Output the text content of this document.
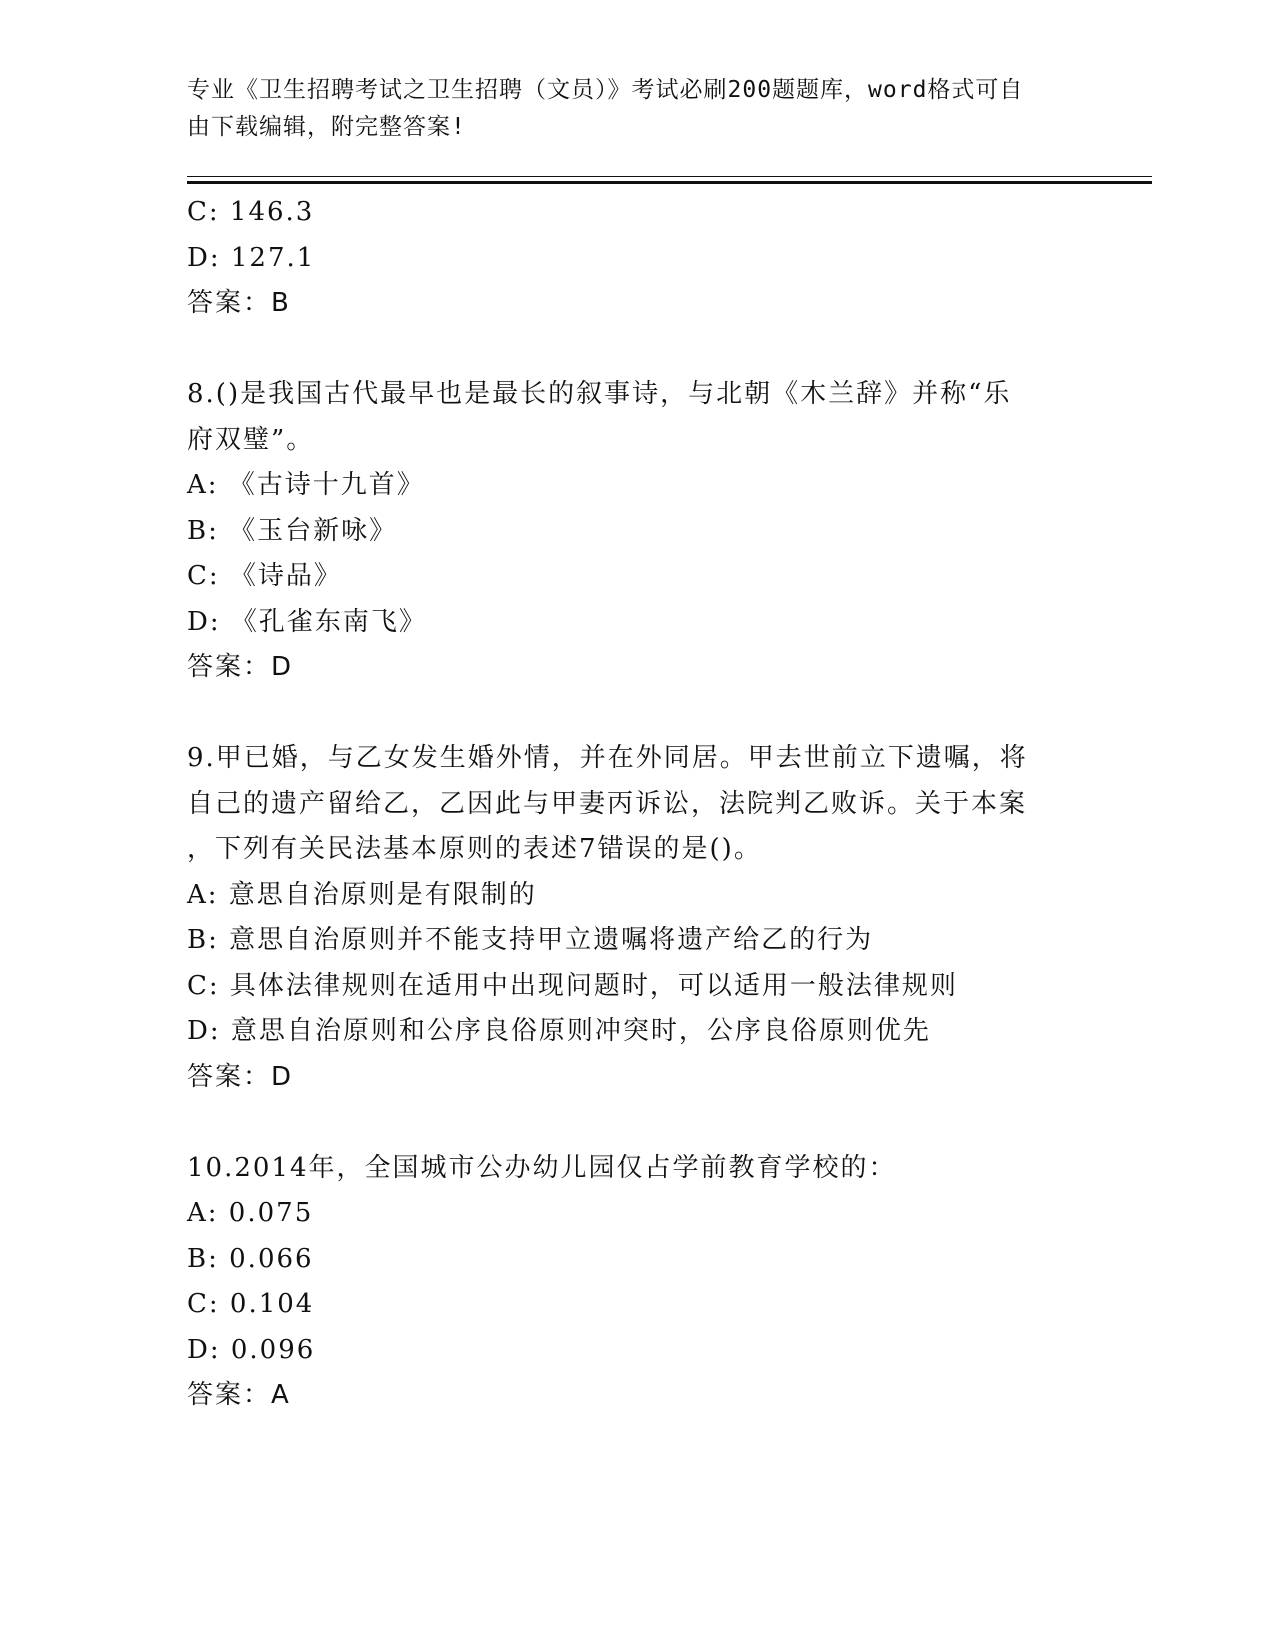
专业《卫生招聘考试之卫生招聘（文员）》考试必刷200题题库，word格式可自
由下载编辑，附完整答案!
C: 146.3
D: 127.1
答案：B
8.()是我国古代最早也是最长的叙事诗，与北朝《木兰辞》并称“乐
府双璧”。
A: 《古诗十九首》
B: 《玉台新咏》
C: 《诗品》
D: 《孔雀东南飞》
答案：D
9.甲已婚，与乙女发生婚外情，并在外同居。甲去世前立下遗嘱，将
自己的遗产留给乙，乙因此与甲妻丙诉讼，法院判乙败诉。关于本案
，下列有关民法基本原则的表述7错误的是()。
A: 意思自治原则是有限制的
B: 意思自治原则并不能支持甲立遗嘱将遗产给乙的行为
C: 具体法律规则在适用中出现问题时，可以适用一般法律规则
D: 意思自治原则和公序良俗原则冲突时，公序良俗原则优先
答案：D
10.2014年，全国城市公办幼儿园仅占学前教育学校的：
A: 0.075
B: 0.066
C: 0.104
D: 0.096
答案：A
